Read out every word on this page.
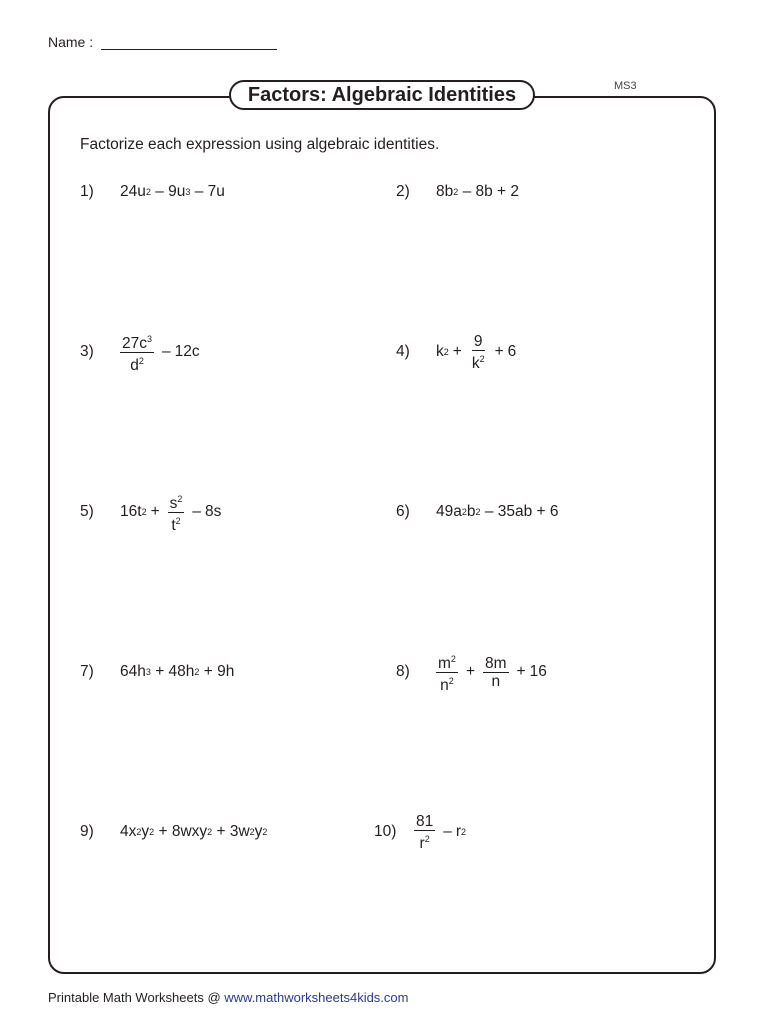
Name :
MS3
Factors: Algebraic Identities
Factorize each expression using algebraic identities.
1)	24u 2 – 9u 3 – 7u	2)	8b 2 – 8b + 2
3)	$\frac{27c^3}{d^2} - 12c$	4)	k $2 + \frac{9}{k^2} + 6$
5)	16t $2 + \frac{s^2}{t^2} - 8s$	6)	49a 2 b 2 – 35ab + 6
7)	64h 3 + 48h 2 + 9h	8)	$\frac{m^2}{n^2} + \frac{8m}{n} + 16$
9)	4x 2 y 2 + 8wxy 2 + 3w 2 y 2	$10) \frac{81}{r^2}$ – r 2
Printable Math Worksheets @ www.mathworksheets4kids.com
